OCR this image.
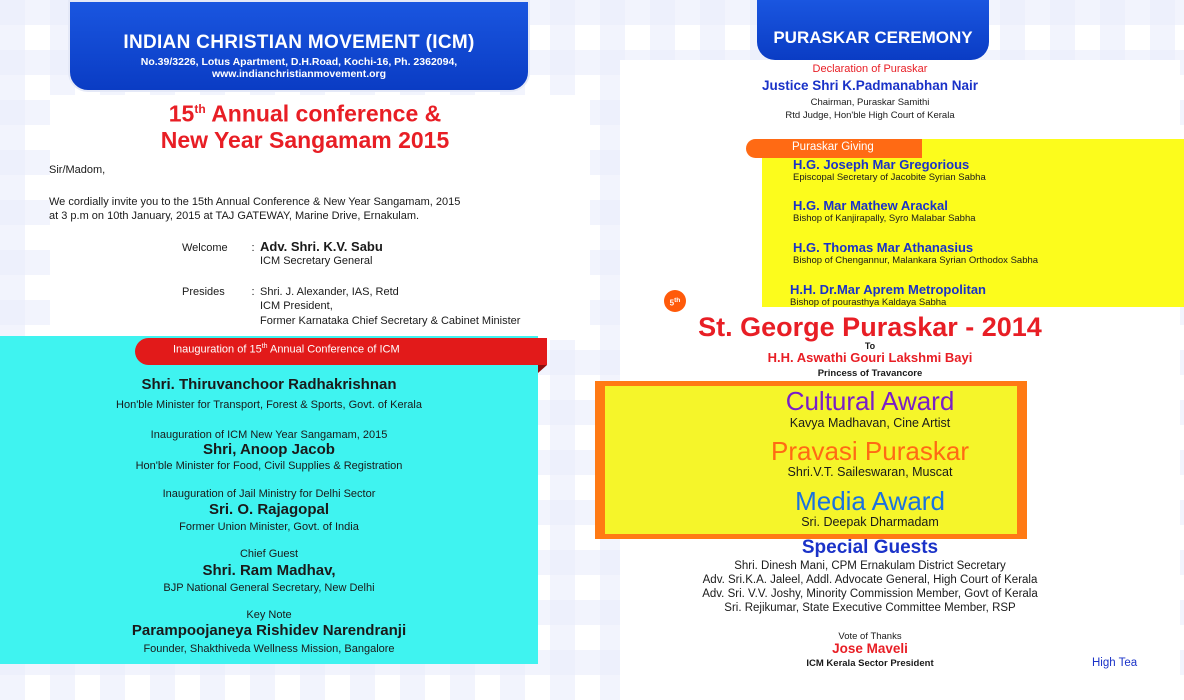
INDIAN CHRISTIAN MOVEMENT (ICM)
No.39/3226, Lotus Apartment, D.H.Road, Kochi-16, Ph. 2362094,
www.indianchristianmovement.org
15th Annual conference &
New Year Sangamam 2015
Sir/Madom,
We cordially invite you to the 15th Annual Conference & New Year Sangamam, 2015
at 3 p.m on 10th January, 2015 at TAJ GATEWAY, Marine Drive, Ernakulam.
Welcome : Adv. Shri. K.V. Sabu
ICM Secretary General
Presides : Shri. J. Alexander, IAS, Retd
ICM President,
Former Karnataka Chief Secretary & Cabinet Minister
Inauguration of 15th Annual Conference of ICM
Shri. Thiruvanchoor Radhakrishnan
Hon'ble Minister for Transport, Forest & Sports, Govt. of Kerala
Inauguration of ICM New Year Sangamam, 2015
Shri, Anoop Jacob
Hon'ble Minister for Food, Civil Supplies & Registration
Inauguration of Jail Ministry for Delhi Sector
Sri. O. Rajagopal
Former Union Minister, Govt. of India
Chief Guest
Shri. Ram Madhav,
BJP National General Secretary, New Delhi
Key Note
Parampoojaneya Rishidev Narendranji
Founder, Shakthiveda Wellness Mission, Bangalore
PURASKAR CEREMONY
Declaration of Puraskar
Justice Shri K.Padmanabhan Nair
Chairman, Puraskar Samithi
Rtd Judge, Hon'ble High Court of Kerala
Puraskar Giving
H.G. Joseph Mar Gregorious
Episcopal Secretary of Jacobite Syrian Sabha
H.G. Mar Mathew Arackal
Bishop of Kanjirapally, Syro Malabar Sabha
H.G. Thomas Mar Athanasius
Bishop of Chengannur, Malankara Syrian Orthodox Sabha
H.H. Dr.Mar Aprem Metropolitan
Bishop of pourasthya Kaldaya Sabha
5th
St. George Puraskar - 2014
To
H.H. Aswathi Gouri Lakshmi Bayi
Princess of Travancore
Cultural Award
Kavya Madhavan, Cine Artist
Pravasi Puraskar
Shri.V.T. Saileswaran, Muscat
Media Award
Sri. Deepak Dharmadam
Special Guests
Shri. Dinesh Mani, CPM Ernakulam District Secretary
Adv. Sri.K.A. Jaleel, Addl. Advocate General, High Court of Kerala
Adv. Sri. V.V. Joshy, Minority Commission Member, Govt of Kerala
Sri. Rejikumar, State Executive Committee Member, RSP
Vote of Thanks
Jose Maveli
ICM Kerala Sector President	High Tea
